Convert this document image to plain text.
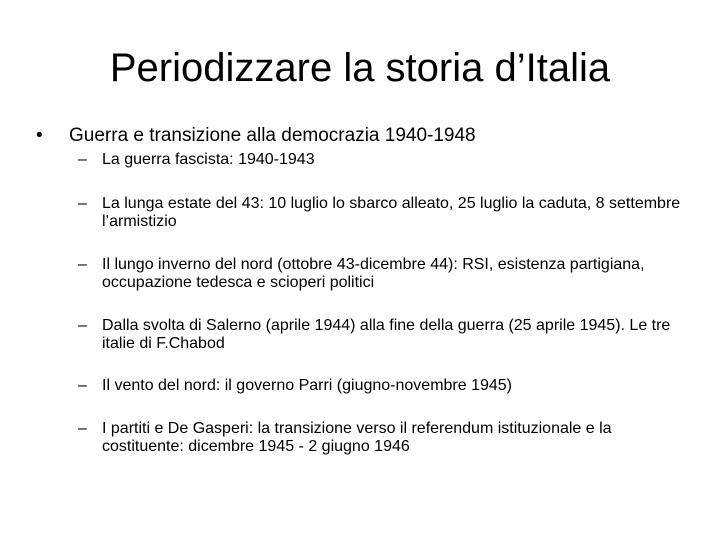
Periodizzare la storia d’Italia
• Guerra e transizione alla democrazia 1940-1948
– La guerra fascista: 1940-1943
– La lunga estate del 43: 10 luglio lo sbarco alleato, 25 luglio la caduta, 8 settembre l’armistizio
– Il lungo inverno del nord (ottobre 43-dicembre 44): RSI, esistenza partigiana, occupazione tedesca e scioperi politici
– Dalla svolta di Salerno (aprile 1944) alla fine della guerra (25 aprile 1945). Le tre italie di F.Chabod
– Il vento del nord: il governo Parri (giugno-novembre 1945)
– I partiti e De Gasperi: la transizione verso il referendum istituzionale e la costituente: dicembre 1945 - 2 giugno 1946
